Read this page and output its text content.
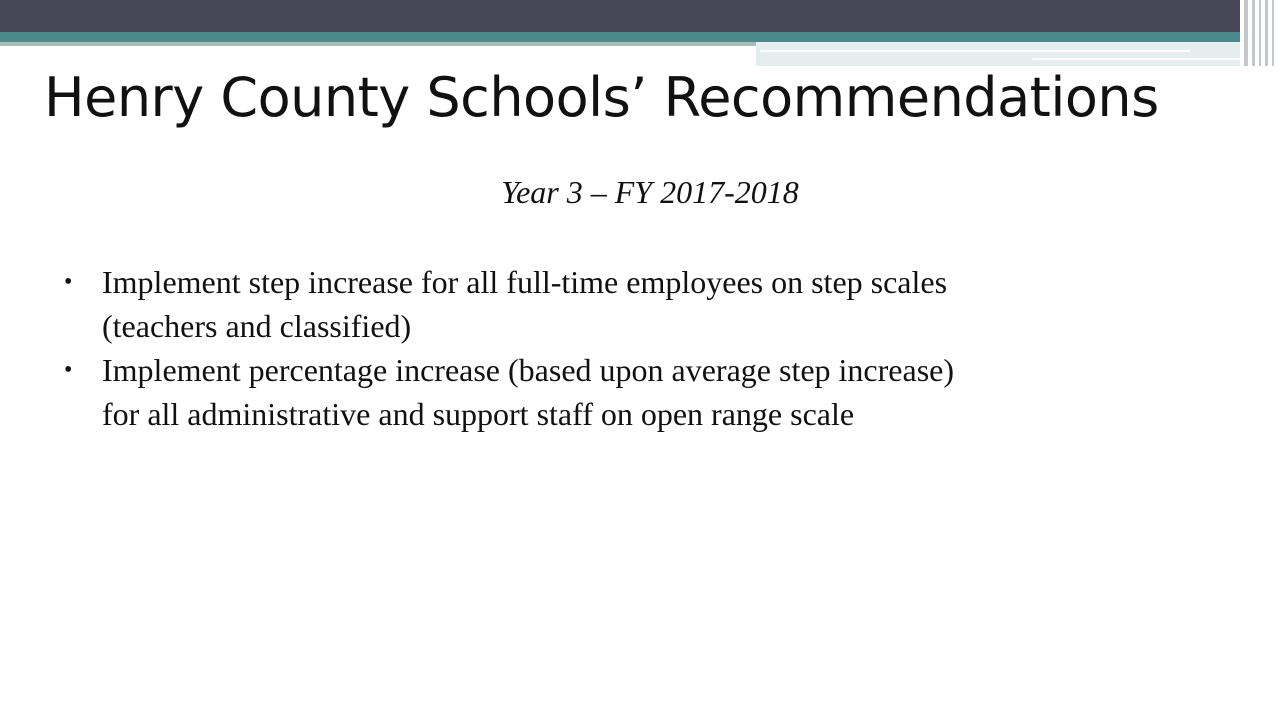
Henry County Schools’ Recommendations

Year 3 – FY 2017-2018

• Implement step increase for all full-time employees on step scales
(teachers and classified)
• Implement percentage increase (based upon average step increase)
for all administrative and support staff on open range scale
